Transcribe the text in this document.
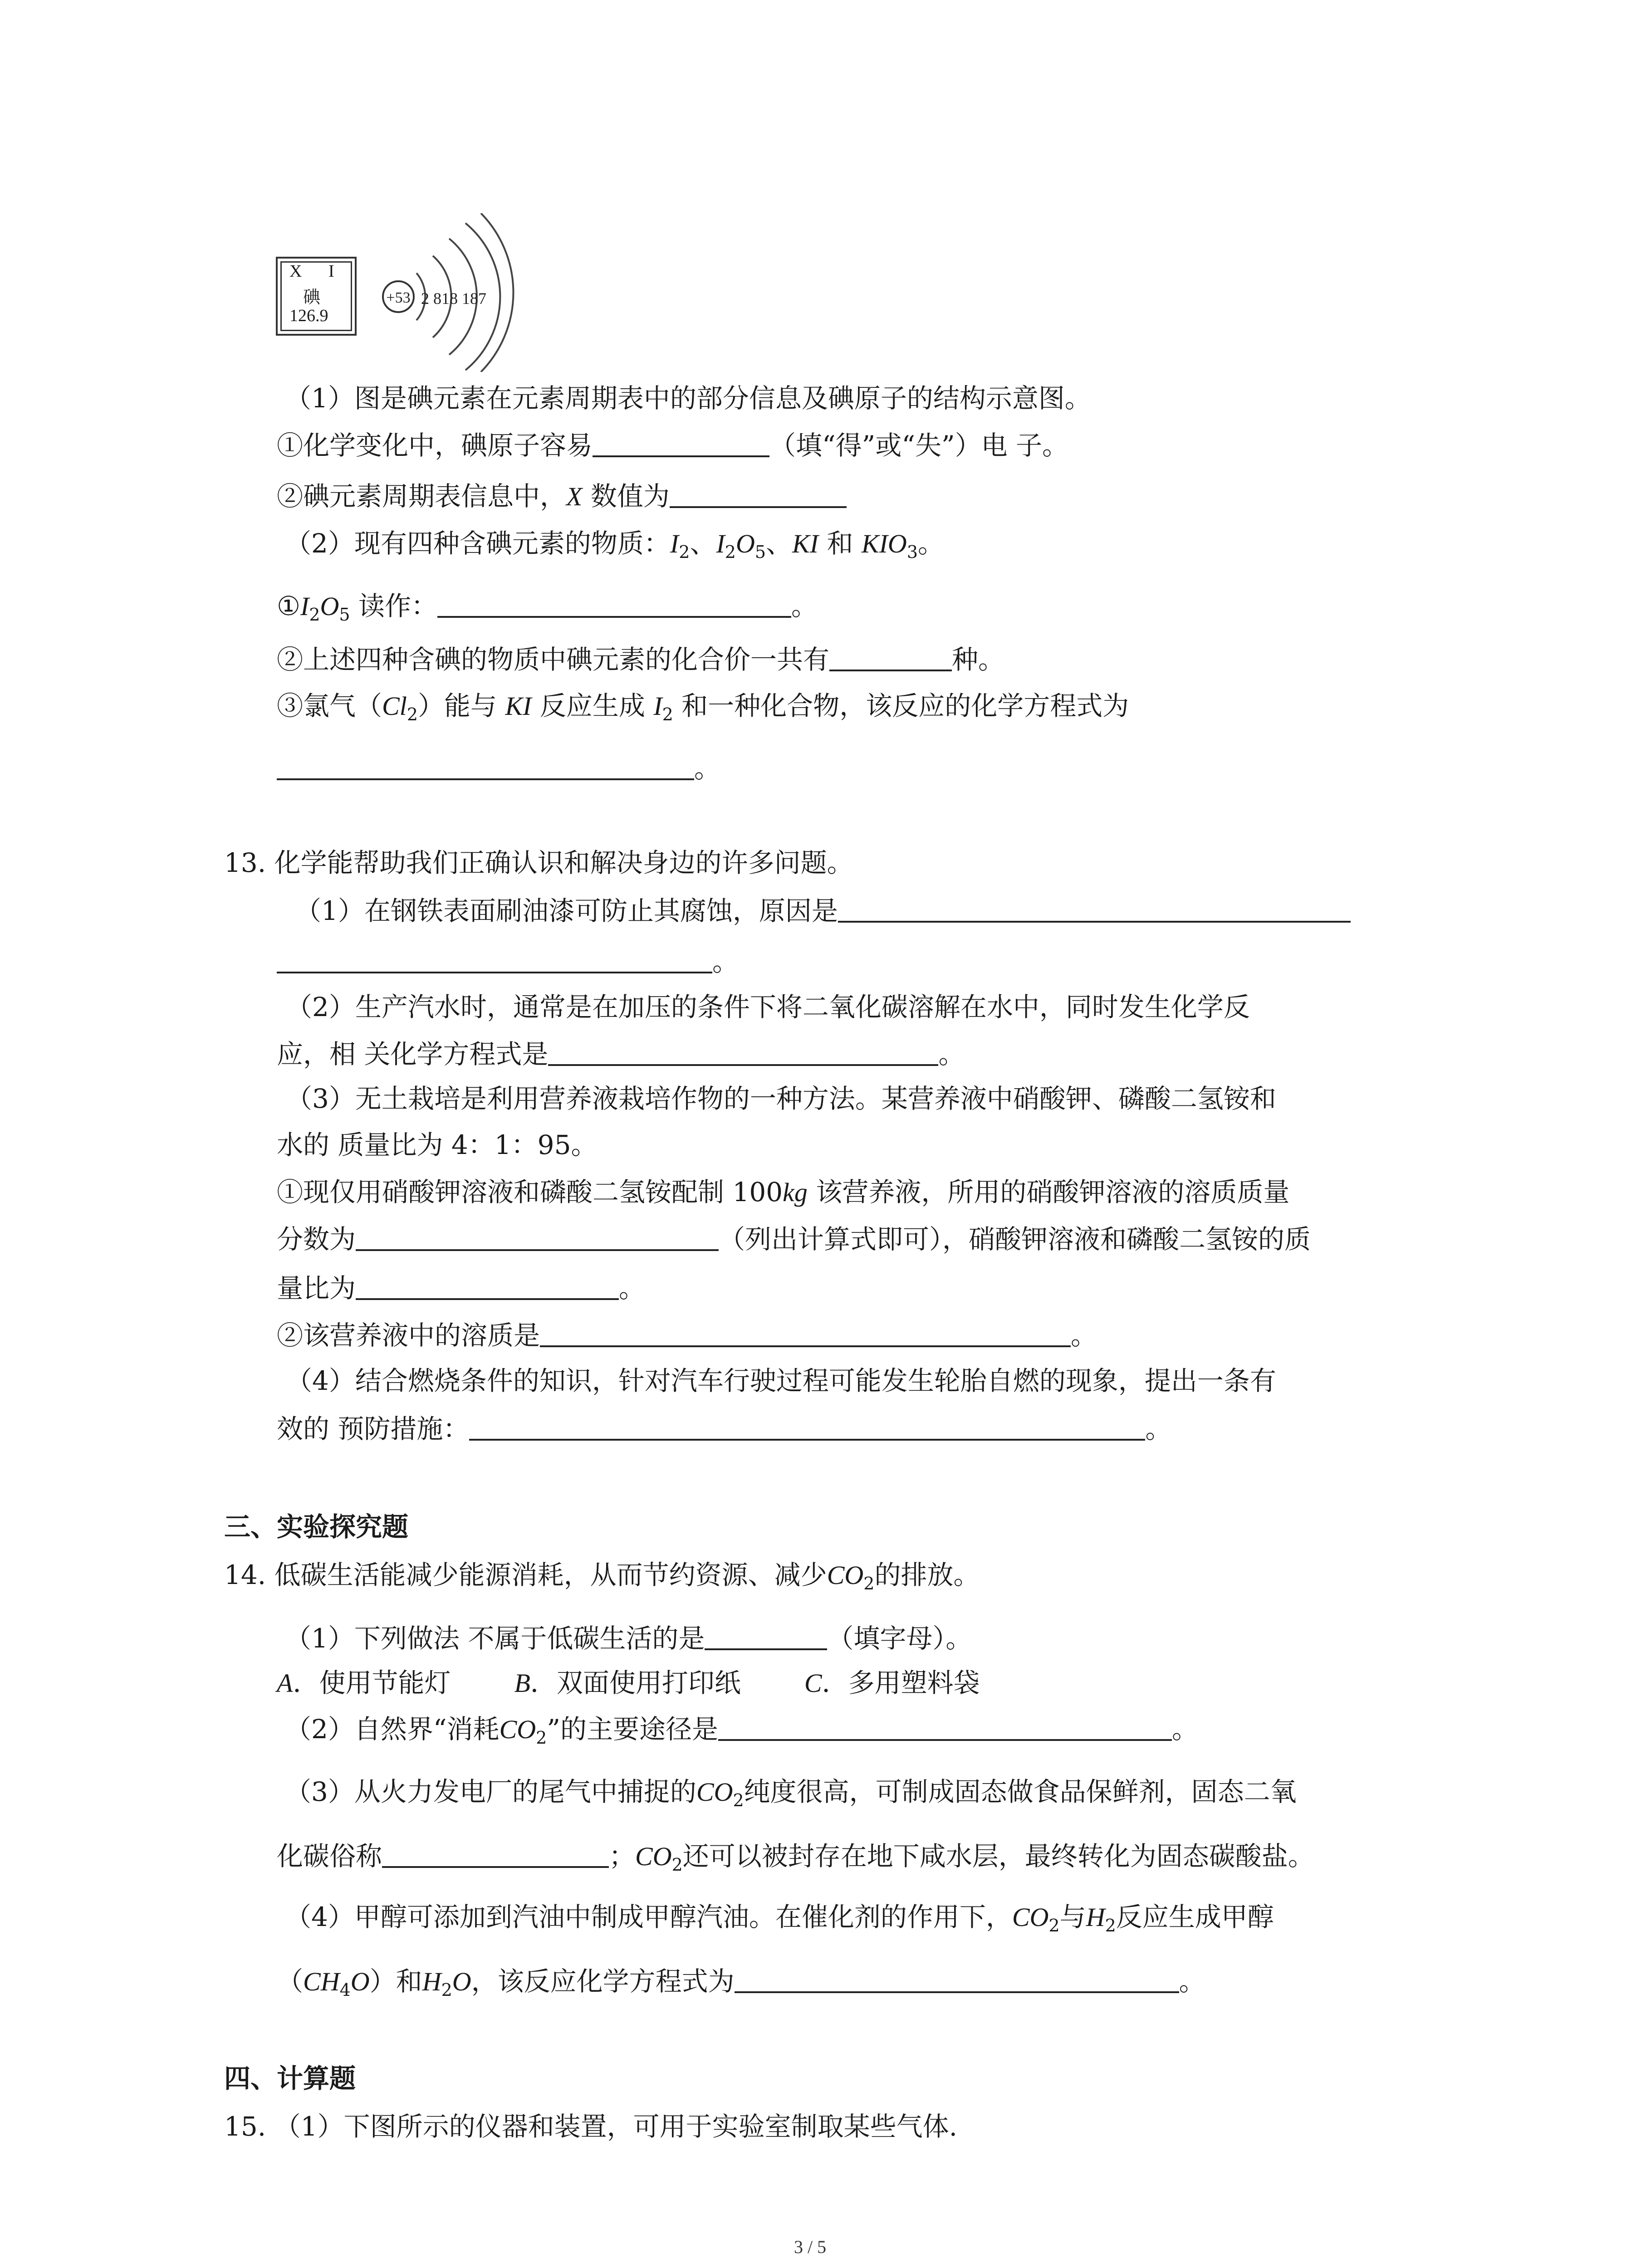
X I
碘
126.9
+53 2 818 187
（1）图是碘元素在元素周期表中的部分信息及碘原子的结构示意图。
①化学变化中，碘原子容易	（填“得”或“失”）电 子。
②碘元素周期表信息中，X 数值为
（2）现有四种含碘元素的物质：$I_2$、$I_2O_5$、KI 和 $KIO_3$。
$①I_2O_5$ 读作：	。
②上述四种含碘的物质中碘元素的化合价一共有	种。
③氯气$(Cl_2)$能与 KI 反应生成 $I_2$ 和一种化合物，该反应的化学方程式为
。
13. 化学能帮助我们正确认识和解决身边的许多问题。
（1）在钢铁表面刷油漆可防止其腐蚀，原因是
。
（2）生产汽水时，通常是在加压的条件下将二氧化碳溶解在水中，同时发生化学反
应，相 关化学方程式是	。
（3）无土栽培是利用营养液栽培作物的一种方法。某营养液中硝酸钾、磷酸二氢铵和
水的 质量比为 4：1：95。
①现仅用硝酸钾溶液和磷酸二氢铵配制 100kg 该营养液，所用的硝酸钾溶液的溶质质量
分数为	（列出计算式即可），硝酸钾溶液和磷酸二氢铵的质
量比为	。
②该营养液中的溶质是	。
（4）结合燃烧条件的知识，针对汽车行驶过程可能发生轮胎自燃的现象，提出一条有
效的 预防措施：	。
三、实验探究题
14. 低碳生活能减少能源消耗，从而节约资源、减少$CO_2$的排放。
（1）下列做法 不属于低碳生活的是	（填字母）。
A．使用节能灯 B．双面使用打印纸 C．多用塑料袋
（2）自然界“消耗$CO_2$”的主要途径是	。
（3）从火力发电厂的尾气中捕捉的$CO_2$纯度很高，可制成固态做食品保鲜剂，固态二氧
化碳俗称	；$CO_2$还可以被封存在地下咸水层，最终转化为固态碳酸盐。
（4）甲醇可添加到汽油中制成甲醇汽油。在催化剂的作用下，$CO_2$与$H_2$反应生成甲醇
$(CH_4O)$和$H_2O$，该反应化学方程式为	。
四、计算题
15. （1）下图所示的仪器和装置，可用于实验室制取某些气体.
3 / 5
